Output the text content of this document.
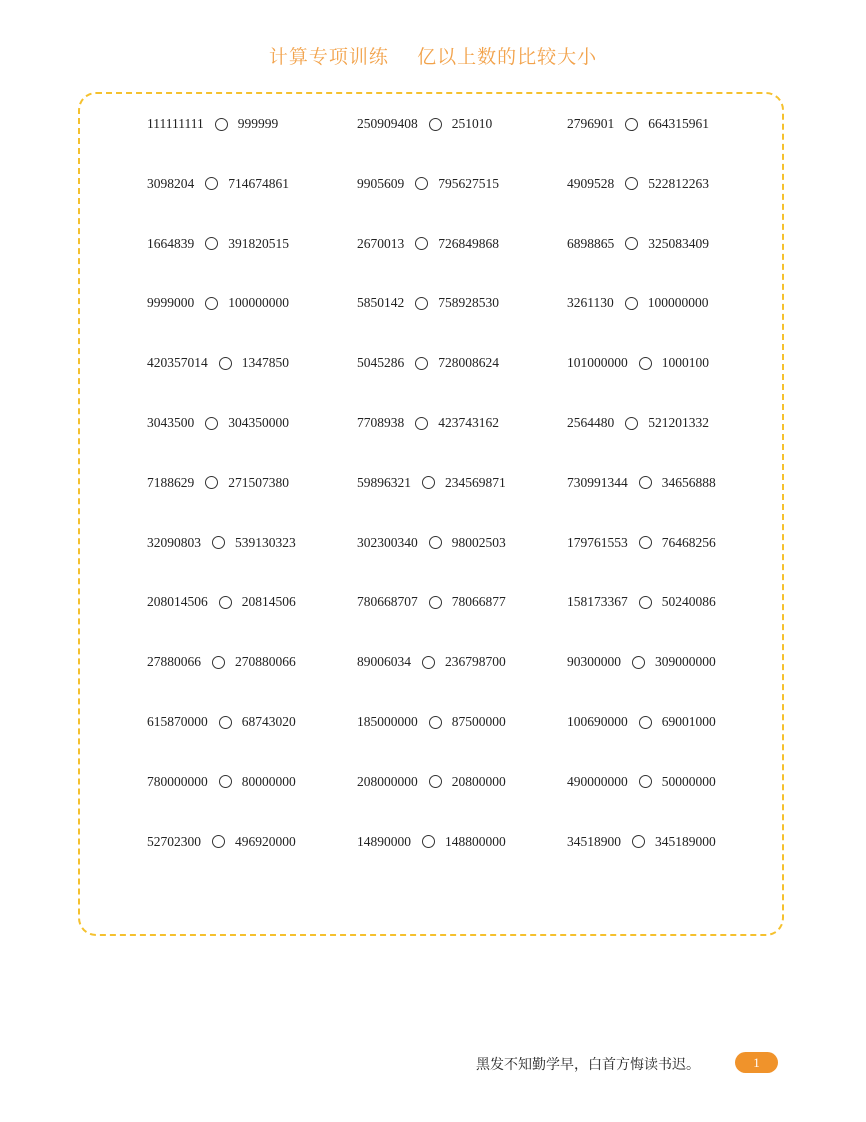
计算专项训练    亿以上数的比较大小
111111111	999999	250909408	251010	2796901	664315961
3098204	714674861	9905609	795627515	4909528	522812263
1664839	391820515	2670013	726849868	6898865	325083409
9999000	100000000	5850142	758928530	3261130	100000000
420357014	1347850	5045286	728008624	101000000	1000100
3043500	304350000	7708938	423743162	2564480	521201332
7188629	271507380	59896321	234569871	730991344	34656888
32090803	539130323	302300340	98002503	179761553	76468256
208014506	20814506	780668707	78066877	158173367	50240086
27880066	270880066	89006034	236798700	90300000	309000000
615870000	68743020	185000000	87500000	100690000	69001000
780000000	80000000	208000000	20800000	490000000	50000000
52702300	496920000	14890000	148800000	34518900	345189000
黑发不知勤学早，白首方悔读书迟。	1
